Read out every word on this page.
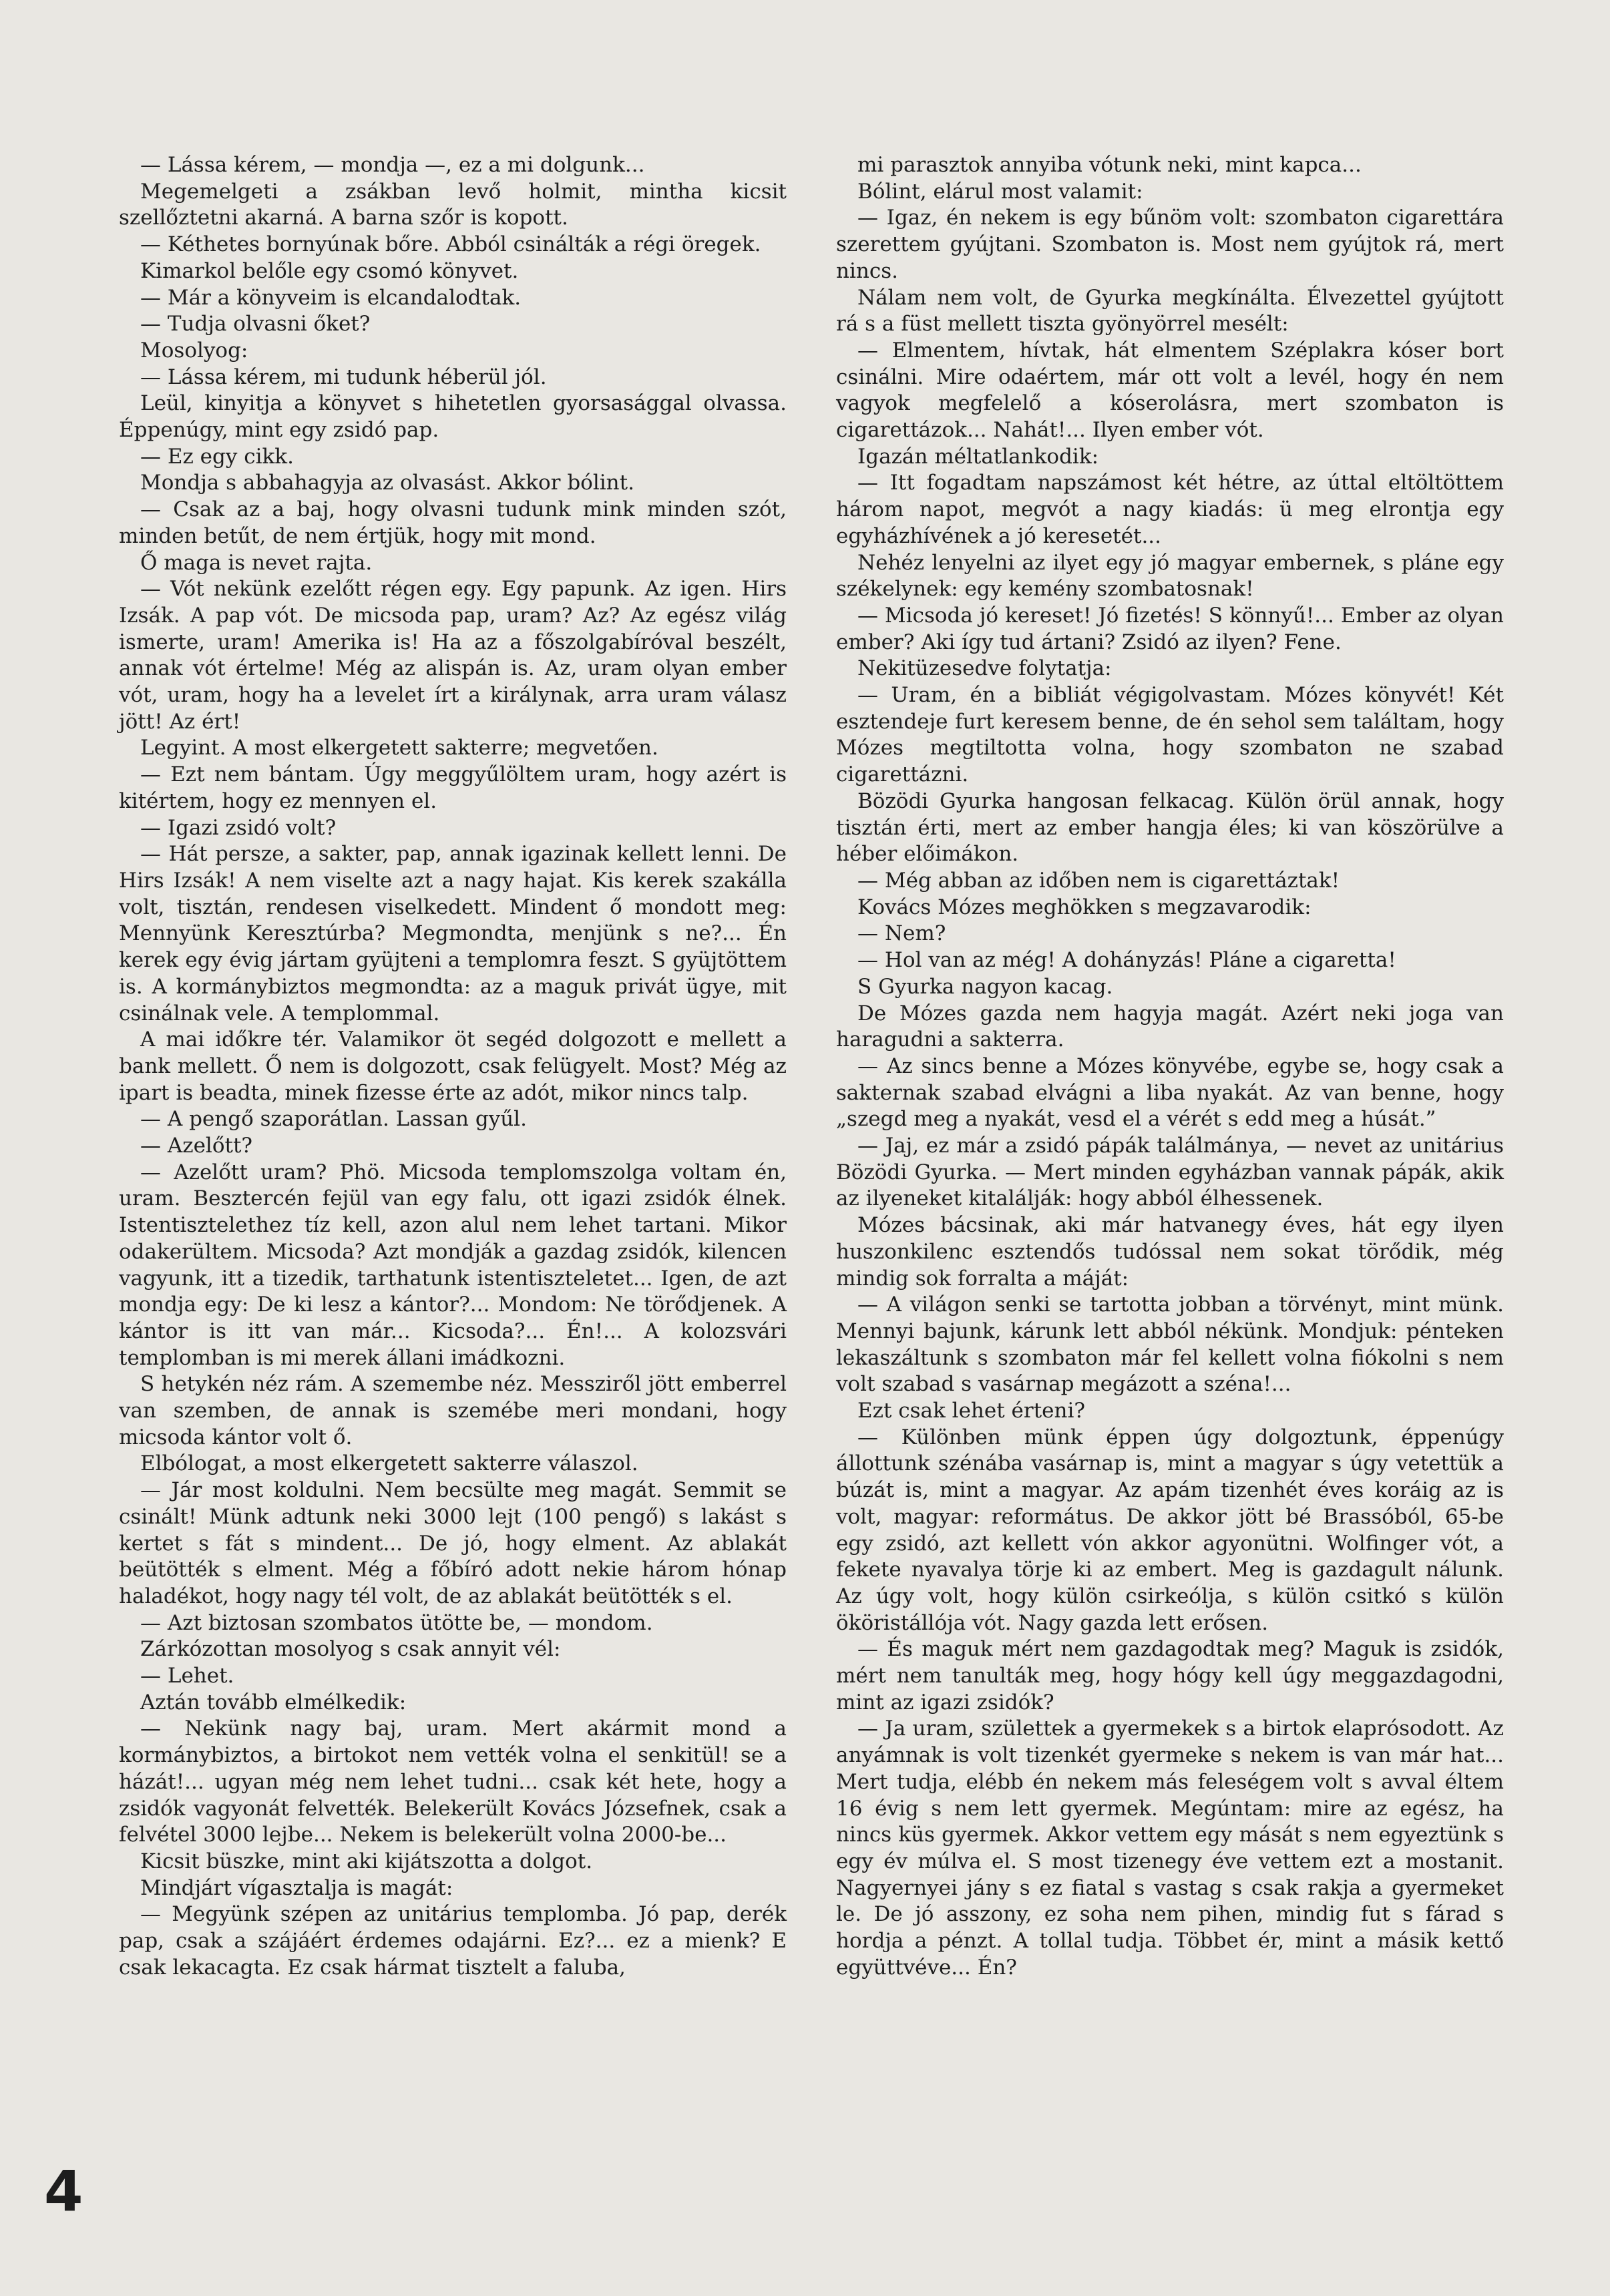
— Lássa kérem, — mondja —, ez a mi dolgunk...

Megemelgeti a zsákban levő holmit, mintha kicsit szellőztetni akarná. A barna szőr is kopott.

— Kéthetes bornyúnak bőre. Abból csinálták a régi öregek.

Kimarkol belőle egy csomó könyvet.

— Már a könyveim is elcandalodtak.

— Tudja olvasni őket?

Mosolyog:

— Lássa kérem, mi tudunk héberül jól.

Leül, kinyitja a könyvet s hihetetlen gyorsasággal olvassa. Éppenúgy, mint egy zsidó pap.

— Ez egy cikk.

Mondja s abbahagyja az olvasást. Akkor bólint.

— Csak az a baj, hogy olvasni tudunk mink minden szót, minden betűt, de nem értjük, hogy mit mond.

Ő maga is nevet rajta.

— Vót nekünk ezelőtt régen egy. Egy papunk. Az igen. Hirs Izsák. A pap vót. De micsoda pap, uram? Az? Az egész világ ismerte, uram! Amerika is! Ha az a főszolgabíróval beszélt, annak vót értelme! Még az alispán is. Az, uram olyan ember vót, uram, hogy ha a levelet írt a királynak, arra uram válasz jött! Az ért!

Legyint. A most elkergetett sakterre; megvetően.

— Ezt nem bántam. Úgy meggyűlöltem uram, hogy azért is kitértem, hogy ez mennyen el.

— Igazi zsidó volt?

— Hát persze, a sakter, pap, annak igazinak kellett lenni. De Hirs Izsák! A nem viselte azt a nagy hajat. Kis kerek szakálla volt, tisztán, rendesen viselkedett. Mindent ő mondott meg: Mennyünk Keresztúrba? Megmondta, menjünk s ne?... Én kerek egy évig jártam gyüjteni a templomra feszt. S gyüjtöttem is. A kormánybiztos megmondta: az a maguk privát ügye, mit csinálnak vele. A templommal.

A mai időkre tér. Valamikor öt segéd dolgozott e mellett a bank mellett. Ő nem is dolgozott, csak felügyelt. Most? Még az ipart is beadta, minek fizesse érte az adót, mikor nincs talp.

— A pengő szaporátlan. Lassan gyűl.

— Azelőtt?

— Azelőtt uram? Phö. Micsoda templomszolga voltam én, uram. Besztercén fejül van egy falu, ott igazi zsidók élnek. Istentisztelethez tíz kell, azon alul nem lehet tartani. Mikor odakerültem. Micsoda? Azt mondják a gazdag zsidók, kilencen vagyunk, itt a tizedik, tarthatunk istentiszteletet... Igen, de azt mondja egy: De ki lesz a kántor?... Mondom: Ne törődjenek. A kántor is itt van már... Kicsoda?... Én!... A kolozsvári templomban is mi merek állani imádkozni.

S hetykén néz rám. A szemembe néz. Messziről jött emberrel van szemben, de annak is szemébe meri mondani, hogy micsoda kántor volt ő.

Elbólogat, a most elkergetett sakterre válaszol.

— Jár most koldulni. Nem becsülte meg magát. Semmit se csinált! Münk adtunk neki 3000 lejt (100 pengő) s lakást s kertet s fát s mindent... De jó, hogy elment. Az ablakát beütötték s elment. Még a főbíró adott nekie három hónap haladékot, hogy nagy tél volt, de az ablakát beütötték s el.

— Azt biztosan szombatos ütötte be, — mondom.

Zárkózottan mosolyog s csak annyit vél:

— Lehet.

Aztán tovább elmélkedik:

— Nekünk nagy baj, uram. Mert akármit mond a kormánybiztos, a birtokot nem vették volna el senkitül! se a házát!... ugyan még nem lehet tudni... csak két hete, hogy a zsidók vagyonát felvették. Belekerült Kovács Józsefnek, csak a felvétel 3000 lejbe... Nekem is belekerült volna 2000-be...

Kicsit büszke, mint aki kijátszotta a dolgot.

Mindjárt vígasztalja is magát:

— Megyünk szépen az unitárius templomba. Jó pap, derék pap, csak a szájáért érdemes odajárni. Ez?... ez a mienk? E csak lekacagta. Ez csak hármat tisztelt a faluba,

mi parasztok annyiba vótunk neki, mint kapca...

Bólint, elárul most valamit:

— Igaz, én nekem is egy bűnöm volt: szombaton cigarettára szerettem gyújtani. Szombaton is. Most nem gyújtok rá, mert nincs.

Nálam nem volt, de Gyurka megkínálta. Élvezettel gyújtott rá s a füst mellett tiszta gyönyörrel mesélt:

— Elmentem, hívtak, hát elmentem Széplakra kóser bort csinálni. Mire odaértem, már ott volt a levél, hogy én nem vagyok megfelelő a kóserolásra, mert szombaton is cigarettázok... Nahát!... Ilyen ember vót.

Igazán méltatlankodik:

— Itt fogadtam napszámost két hétre, az úttal eltöltöttem három napot, megvót a nagy kiadás: ü meg elrontja egy egyházhívének a jó keresetét...

Nehéz lenyelni az ilyet egy jó magyar embernek, s pláne egy székelynek: egy kemény szombatosnak!

— Micsoda jó kereset! Jó fizetés! S könnyű!... Ember az olyan ember? Aki így tud ártani? Zsidó az ilyen? Fene.

Nekitüzesedve folytatja:

— Uram, én a bibliát végigolvastam. Mózes könyvét! Két esztendeje furt keresem benne, de én sehol sem találtam, hogy Mózes megtiltotta volna, hogy szombaton ne szabad cigarettázni.

Bözödi Gyurka hangosan felkacag. Külön örül annak, hogy tisztán érti, mert az ember hangja éles; ki van köszörülve a héber előimákon.

— Még abban az időben nem is cigarettáztak!

Kovács Mózes meghökken s megzavarodik:

— Nem?

— Hol van az még! A dohányzás! Pláne a cigaretta!

S Gyurka nagyon kacag.

De Mózes gazda nem hagyja magát. Azért neki joga van haragudni a sakterra.

— Az sincs benne a Mózes könyvébe, egybe se, hogy csak a sakternak szabad elvágni a liba nyakát. Az van benne, hogy „szegd meg a nyakát, vesd el a vérét s edd meg a húsát.”

— Jaj, ez már a zsidó pápák találmánya, — nevet az unitárius Bözödi Gyurka. — Mert minden egyházban vannak pápák, akik az ilyeneket kitalálják: hogy abból élhessenek.

Mózes bácsinak, aki már hatvanegy éves, hát egy ilyen huszonkilenc esztendős tudóssal nem sokat törődik, még mindig sok forralta a máját:

— A világon senki se tartotta jobban a törvényt, mint münk. Mennyi bajunk, kárunk lett abból nékünk. Mondjuk: pénteken lekaszáltunk s szombaton már fel kellett volna fiókolni s nem volt szabad s vasárnap megázott a széna!...

Ezt csak lehet érteni?

— Különben münk éppen úgy dolgoztunk, éppenúgy állottunk szénába vasárnap is, mint a magyar s úgy vetettük a búzát is, mint a magyar. Az apám tizenhét éves koráig az is volt, magyar: református. De akkor jött bé Brassóból, 65-be egy zsidó, azt kellett vón akkor agyonütni. Wolfinger vót, a fekete nyavalya törje ki az embert. Meg is gazdagult nálunk. Az úgy volt, hogy külön csirkeólja, s külön csitkó s külön ököristállója vót. Nagy gazda lett erősen.

— És maguk mért nem gazdagodtak meg? Maguk is zsidók, mért nem tanulták meg, hogy hógy kell úgy meggazdagodni, mint az igazi zsidók?

— Ja uram, születtek a gyermekek s a birtok elaprósodott. Az anyámnak is volt tizenkét gyermeke s nekem is van már hat... Mert tudja, elébb én nekem más feleségem volt s avval éltem 16 évig s nem lett gyermek. Megúntam: mire az egész, ha nincs küs gyermek. Akkor vettem egy mását s nem egyeztünk s egy év múlva el. S most tizenegy éve vettem ezt a mostanit. Nagyernyei jány s ez fiatal s vastag s csak rakja a gyermeket le. De jó asszony, ez soha nem pihen, mindig fut s fárad s hordja a pénzt. A tollal tudja. Többet ér, mint a másik kettő együttvéve... Én?

4
